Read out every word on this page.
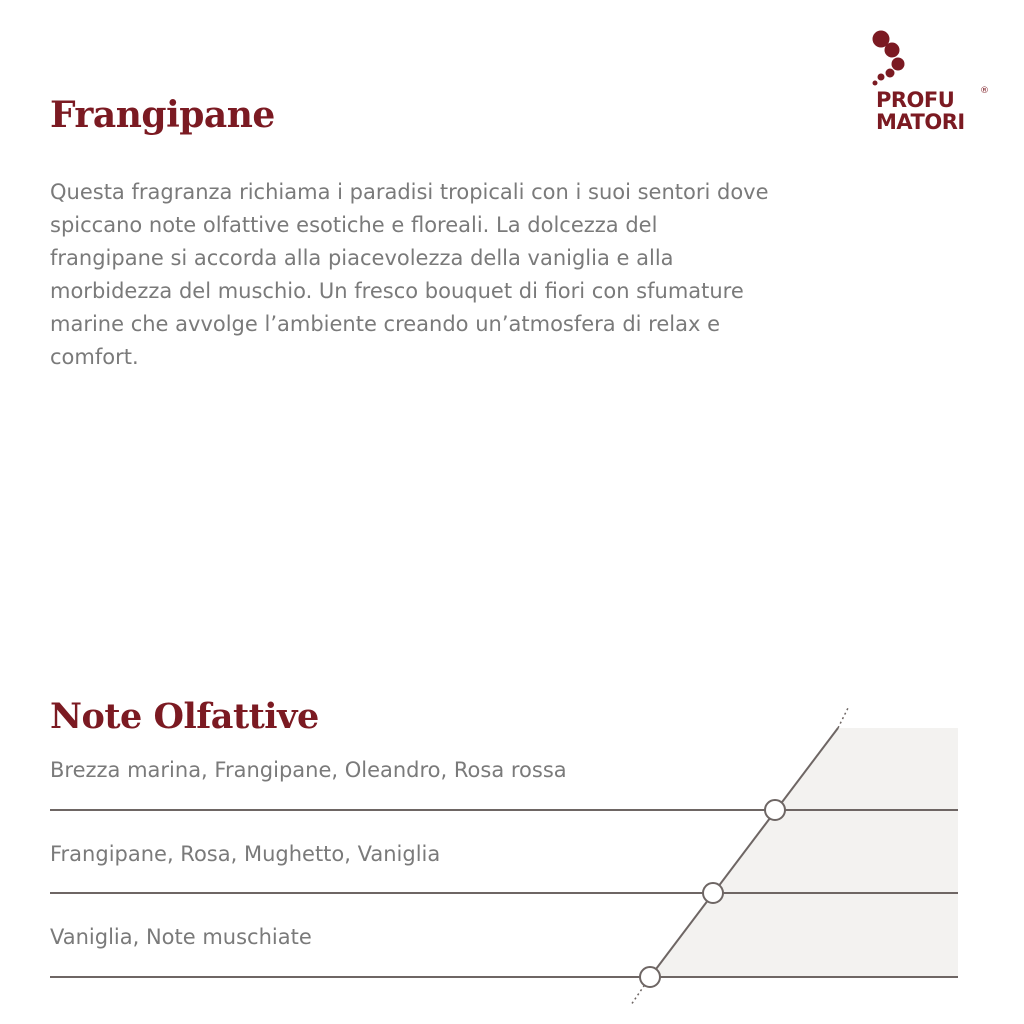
PROFU
MATORI
®
Frangipane

Questa fragranza richiama i paradisi tropicali con i suoi sentori dove spiccano note olfattive esotiche e floreali. La dolcezza del frangipane si accorda alla piacevolezza della vaniglia e alla morbidezza del muschio. Un fresco bouquet di fiori con sfumature marine che avvolge l’ambiente creando un’atmosfera di relax e comfort.

Note Olfattive
Brezza marina, Frangipane, Oleandro, Rosa rossa
Frangipane, Rosa, Mughetto, Vaniglia
Vaniglia, Note muschiate
